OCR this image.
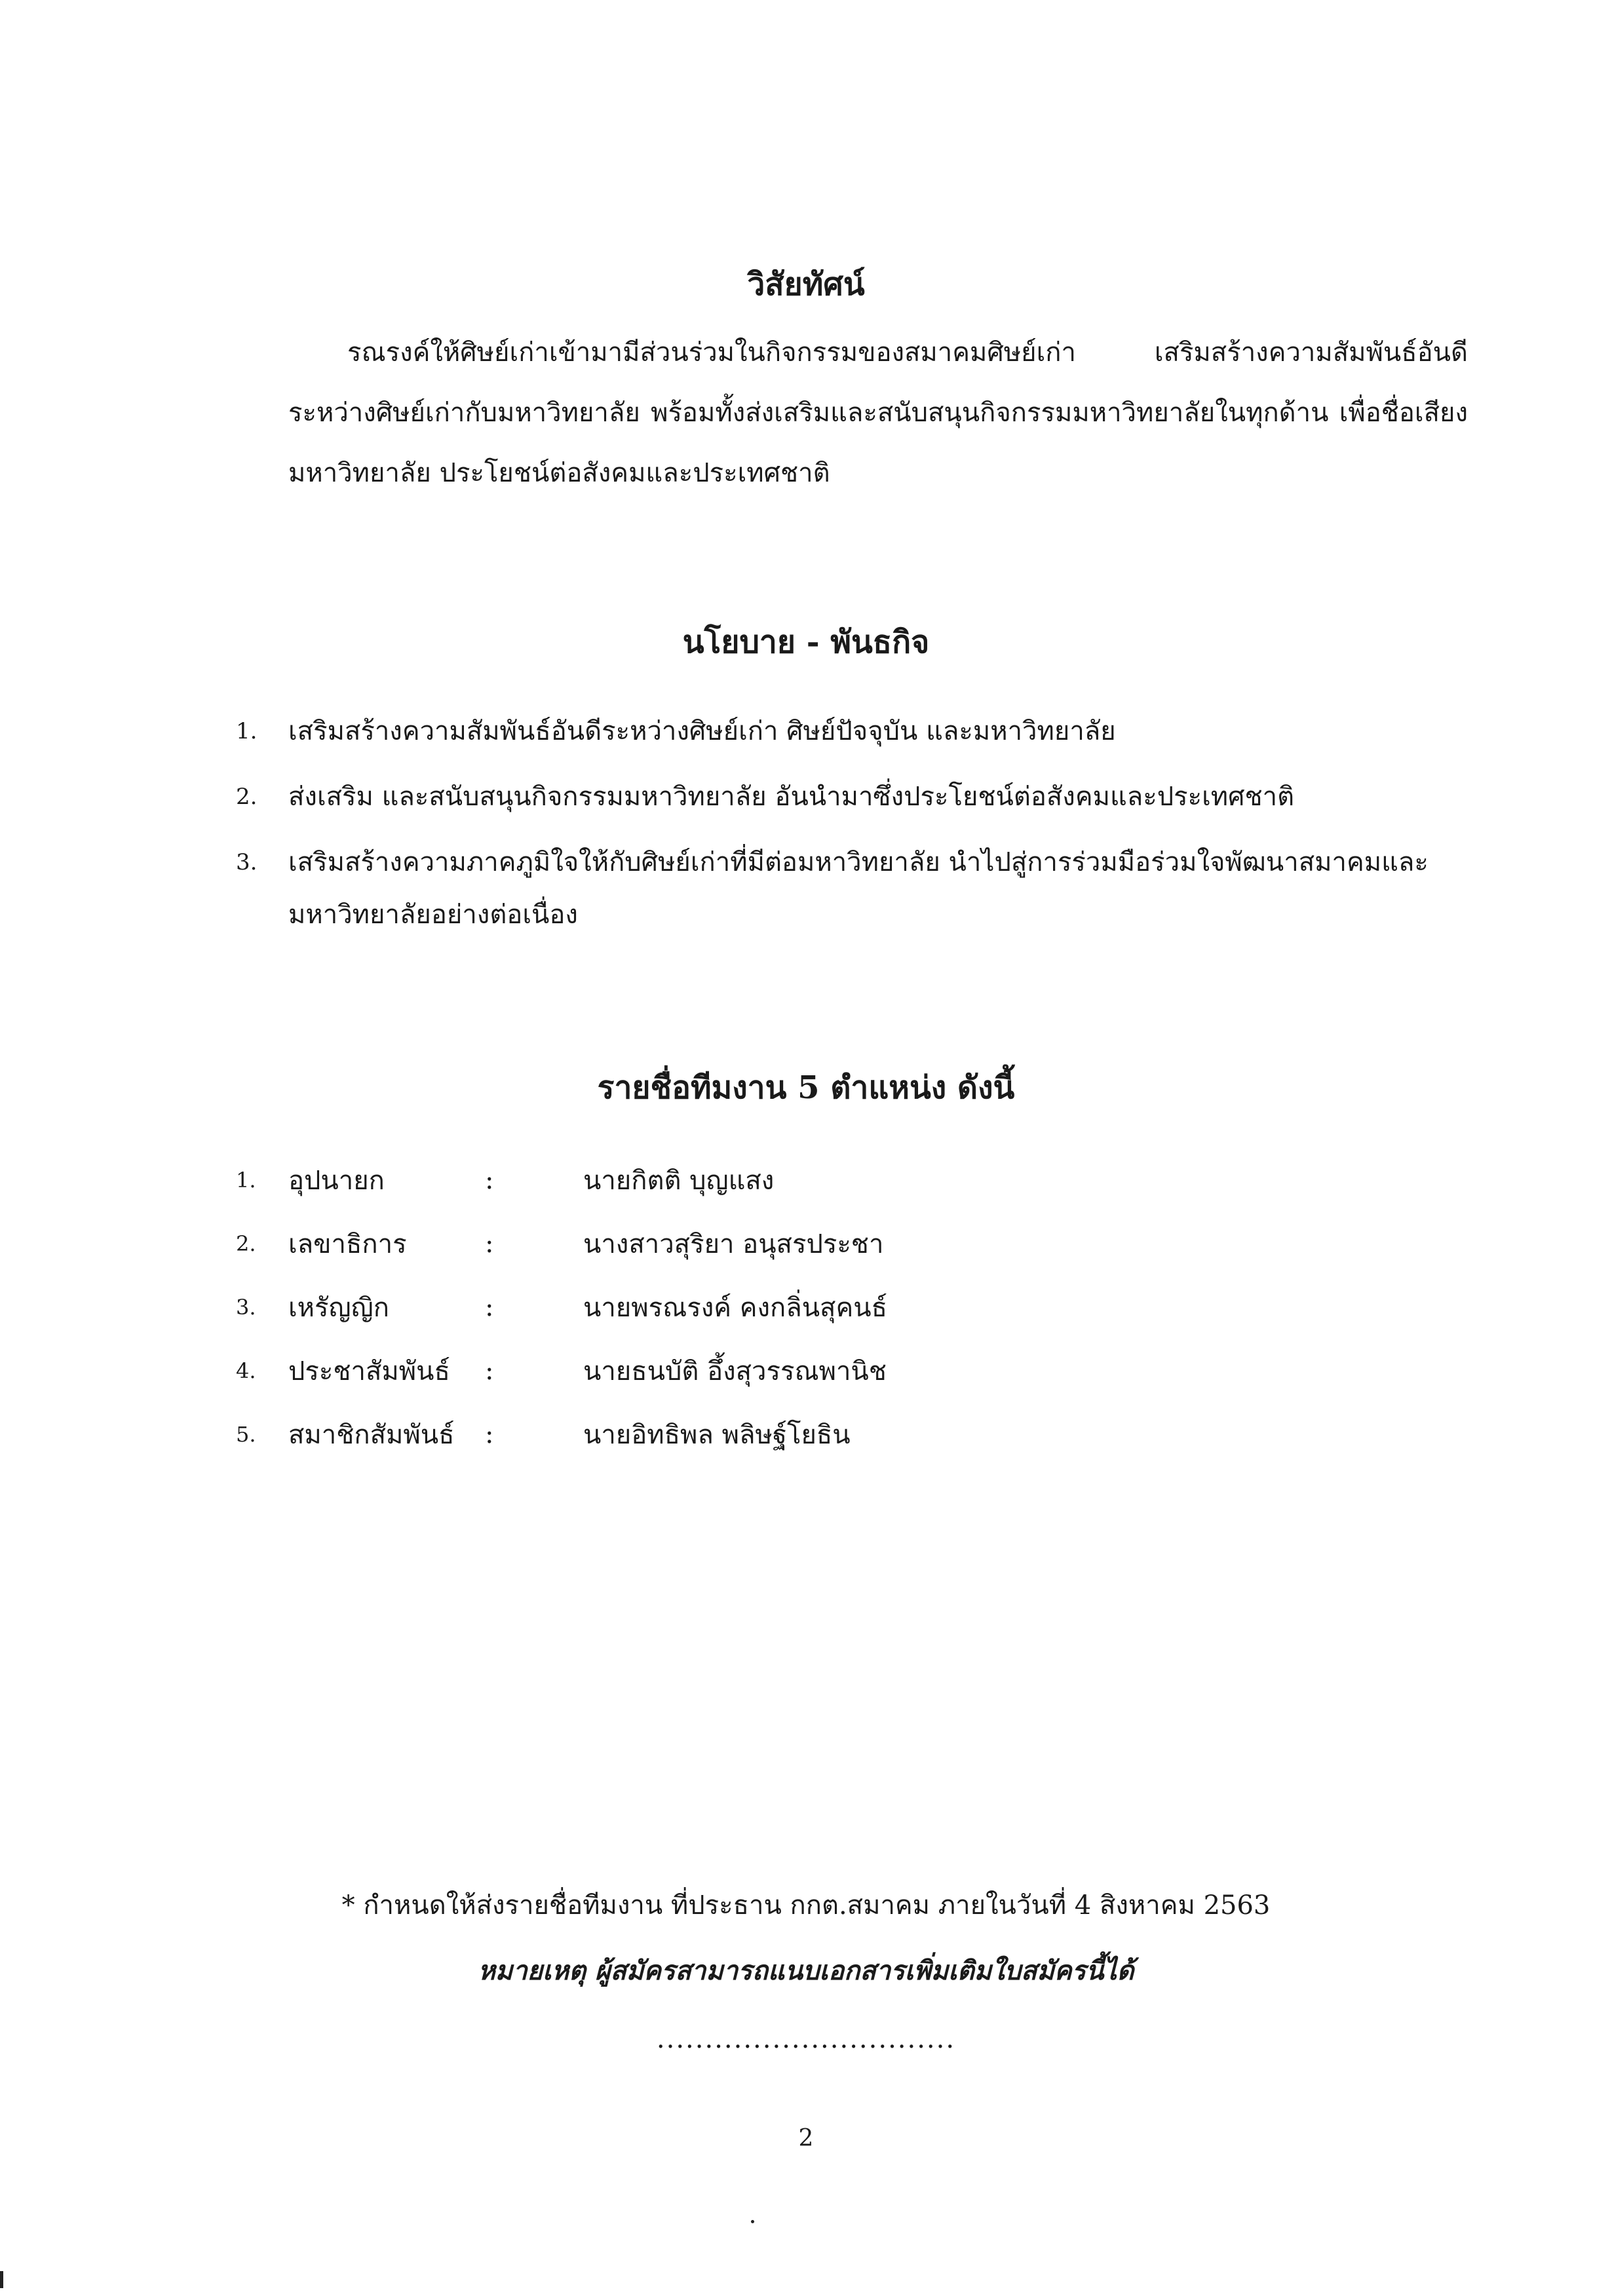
วิสัยทัศน์

รณรงค์ให้ศิษย์เก่าเข้ามามีส่วนร่วมในกิจกรรมของสมาคมศิษย์เก่า เสริมสร้างความสัมพันธ์อันดีระหว่างศิษย์เก่ากับมหาวิทยาลัย พร้อมทั้งส่งเสริมและสนับสนุนกิจกรรมมหาวิทยาลัยในทุกด้าน เพื่อชื่อเสียงมหาวิทยาลัย ประโยชน์ต่อสังคมและประเทศชาติ

นโยบาย - พันธกิจ
1.	เสริมสร้างความสัมพันธ์อันดีระหว่างศิษย์เก่า ศิษย์ปัจจุบัน และมหาวิทยาลัย
2.	ส่งเสริม และสนับสนุนกิจกรรมมหาวิทยาลัย อันนำมาซึ่งประโยชน์ต่อสังคมและประเทศชาติ
3.	เสริมสร้างความภาคภูมิใจให้กับศิษย์เก่าที่มีต่อมหาวิทยาลัย นำไปสู่การร่วมมือร่วมใจพัฒนาสมาคมและมหาวิทยาลัยอย่างต่อเนื่อง
รายชื่อทีมงาน 5 ตำแหน่ง ดังนี้
1.	อุปนายก	:	นายกิตติ บุญแสง
2.	เลขาธิการ	:	นางสาวสุริยา อนุสรประชา
3.	เหรัญญิก	:	นายพรณรงค์ คงกลิ่นสุคนธ์
4.	ประชาสัมพันธ์	:	นายธนบัติ อึ้งสุวรรณพานิช
5.	สมาชิกสัมพันธ์	:	นายอิทธิพล พลิษฐ์โยธิน
* กำหนดให้ส่งรายชื่อทีมงาน ที่ประธาน กกต.สมาคม ภายในวันที่ 4 สิงหาคม 2563
หมายเหตุ ผู้สมัครสามารถแนบเอกสารเพิ่มเติมใบสมัครนี้ได้
...............................
2
